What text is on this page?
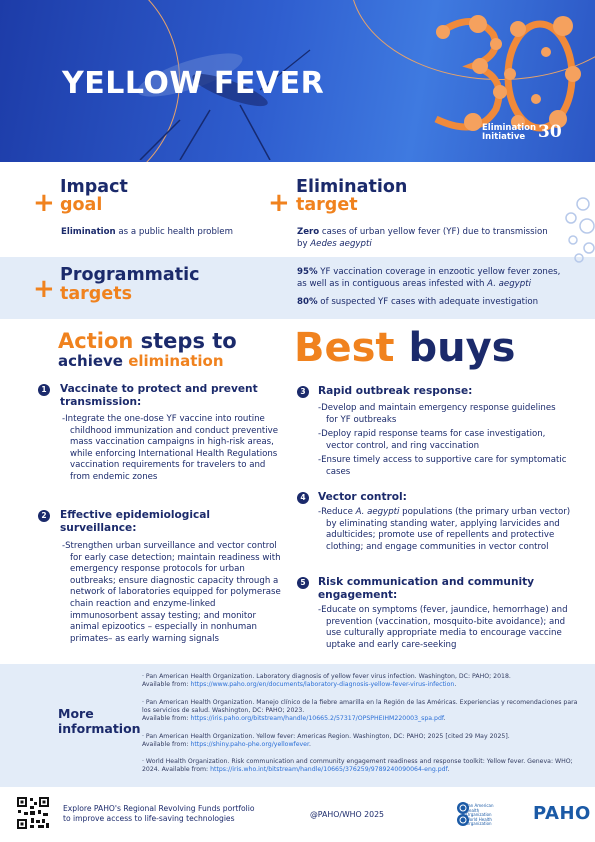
YELLOW FEVER
Elimination
Initiative 30
+
Impact
goal
Elimination as a public health problem
+
Elimination
target
Zero cases of urban yellow fever (YF) due to transmission
by Aedes aegypti
+ Programmatic
targets
95% YF vaccination coverage in enzootic yellow fever zones,
as well as in contiguous areas infested with A. aegypti
80% of suspected YF cases with adequate investigation
Action steps to
achieve elimination Best buys
1	Vaccinate to protect and prevent
transmission:

-Integrate the one-dose YF vaccine into routine childhood immunization and conduct preventive mass vaccination campaigns in high-risk areas, while enforcing International Health Regulations vaccination requirements for travelers to and from endemic zones

2	Effective epidemiological
surveillance:

-Strengthen urban surveillance and vector control for early case detection; maintain readiness with emergency response protocols for urban outbreaks; ensure diagnostic capacity through a network of laboratories equipped for polymerase chain reaction and enzyme-linked immunosorbent assay testing; and monitor animal epizootics – especially in nonhuman primates– as early warning signals

3	Rapid outbreak response:

-Develop and maintain emergency response guidelines for YF outbreaks

-Deploy rapid response teams for case investigation, vector control, and ring vaccination

-Ensure timely access to supportive care for symptomatic cases

4	Vector control:

-Reduce A. aegypti populations (the primary urban vector) by eliminating standing water, applying larvicides and adulticides; promote use of repellents and protective clothing; and engage communities in vector control

5	Risk communication and community
engagement:

-Educate on symptoms (fever, jaundice, hemorrhage) and prevention (vaccination, mosquito-bite avoidance); and use culturally appropriate media to encourage vaccine uptake and early care-seeking

More
information
· Pan American Health Organization. Laboratory diagnosis of yellow fever virus infection. Washington, DC: PAHO; 2018.
Available from: https://www.paho.org/en/documents/laboratory-diagnosis-yellow-fever-virus-infection.
· Pan American Health Organization. Manejo clínico de la fiebre amarilla en la Región de las Américas. Experiencias y recomendaciones para los servicios de salud. Washington, DC: PAHO; 2023.
Available from: https://iris.paho.org/bitstream/handle/10665.2/57317/OPSPHEIHM220003_spa.pdf.
· Pan American Health Organization. Yellow fever: Americas Region. Washington, DC: PAHO; 2025 [cited 29 May 2025].
Available from: https://shiny.paho-phe.org/yellowfever.
· World Health Organization. Risk communication and community engagement readiness and response toolkit: Yellow fever. Geneva: WHO; 2024. Available from: https://iris.who.int/bitstream/handle/10665/376259/9789240090064-eng.pdf.
Explore PAHO's Regional Revolving Funds portfolio
to improve access to life-saving technologies	@PAHO/WHO 2025
Pan American
Health
Organization
World Health
Organization PAHO
